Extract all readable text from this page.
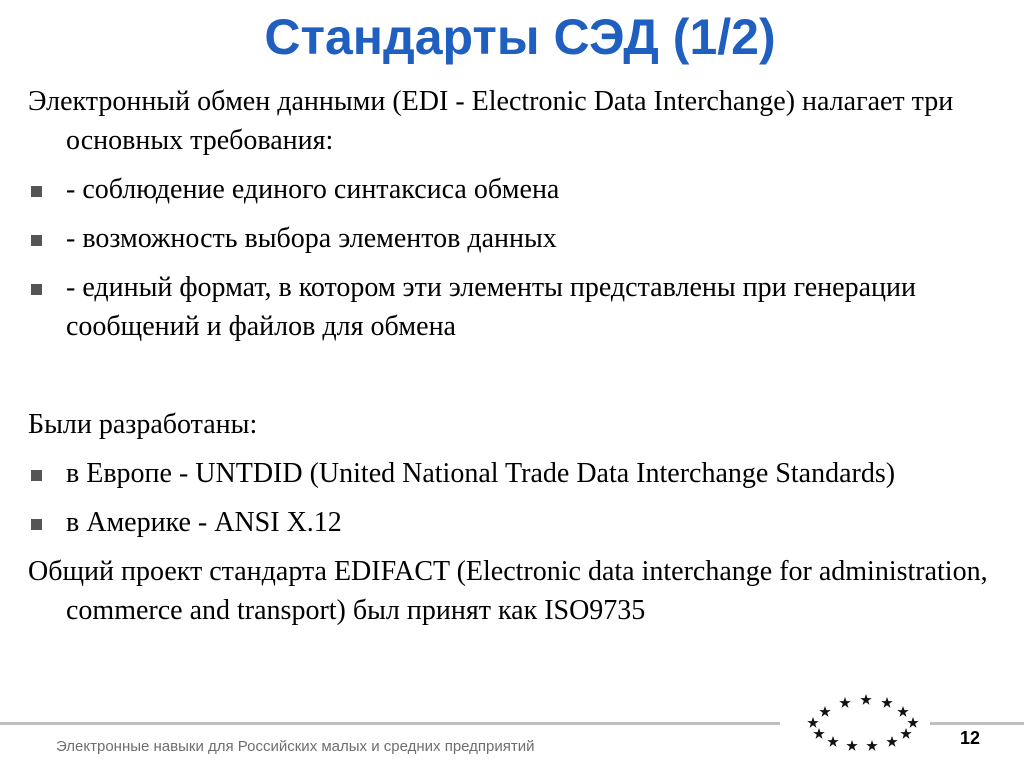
Стандарты СЭД (1/2)

Электронный обмен данными (EDI - Electronic Data Interchange) налагает три основных требования:

- соблюдение единого синтаксиса обмена
- возможность выбора элементов данных
- единый формат, в котором эти элементы представлены при генерации сообщений и файлов для обмена

Были разработаны:

в Европе - UNTDID (United National Trade Data Interchange Standards)
в Америке - ANSI X.12

Общий проект стандарта EDIFACT (Electronic data interchange for administration, commerce and transport) был принят как ISO9735

Электронные навыки для Российских малых и средних предприятий	12
